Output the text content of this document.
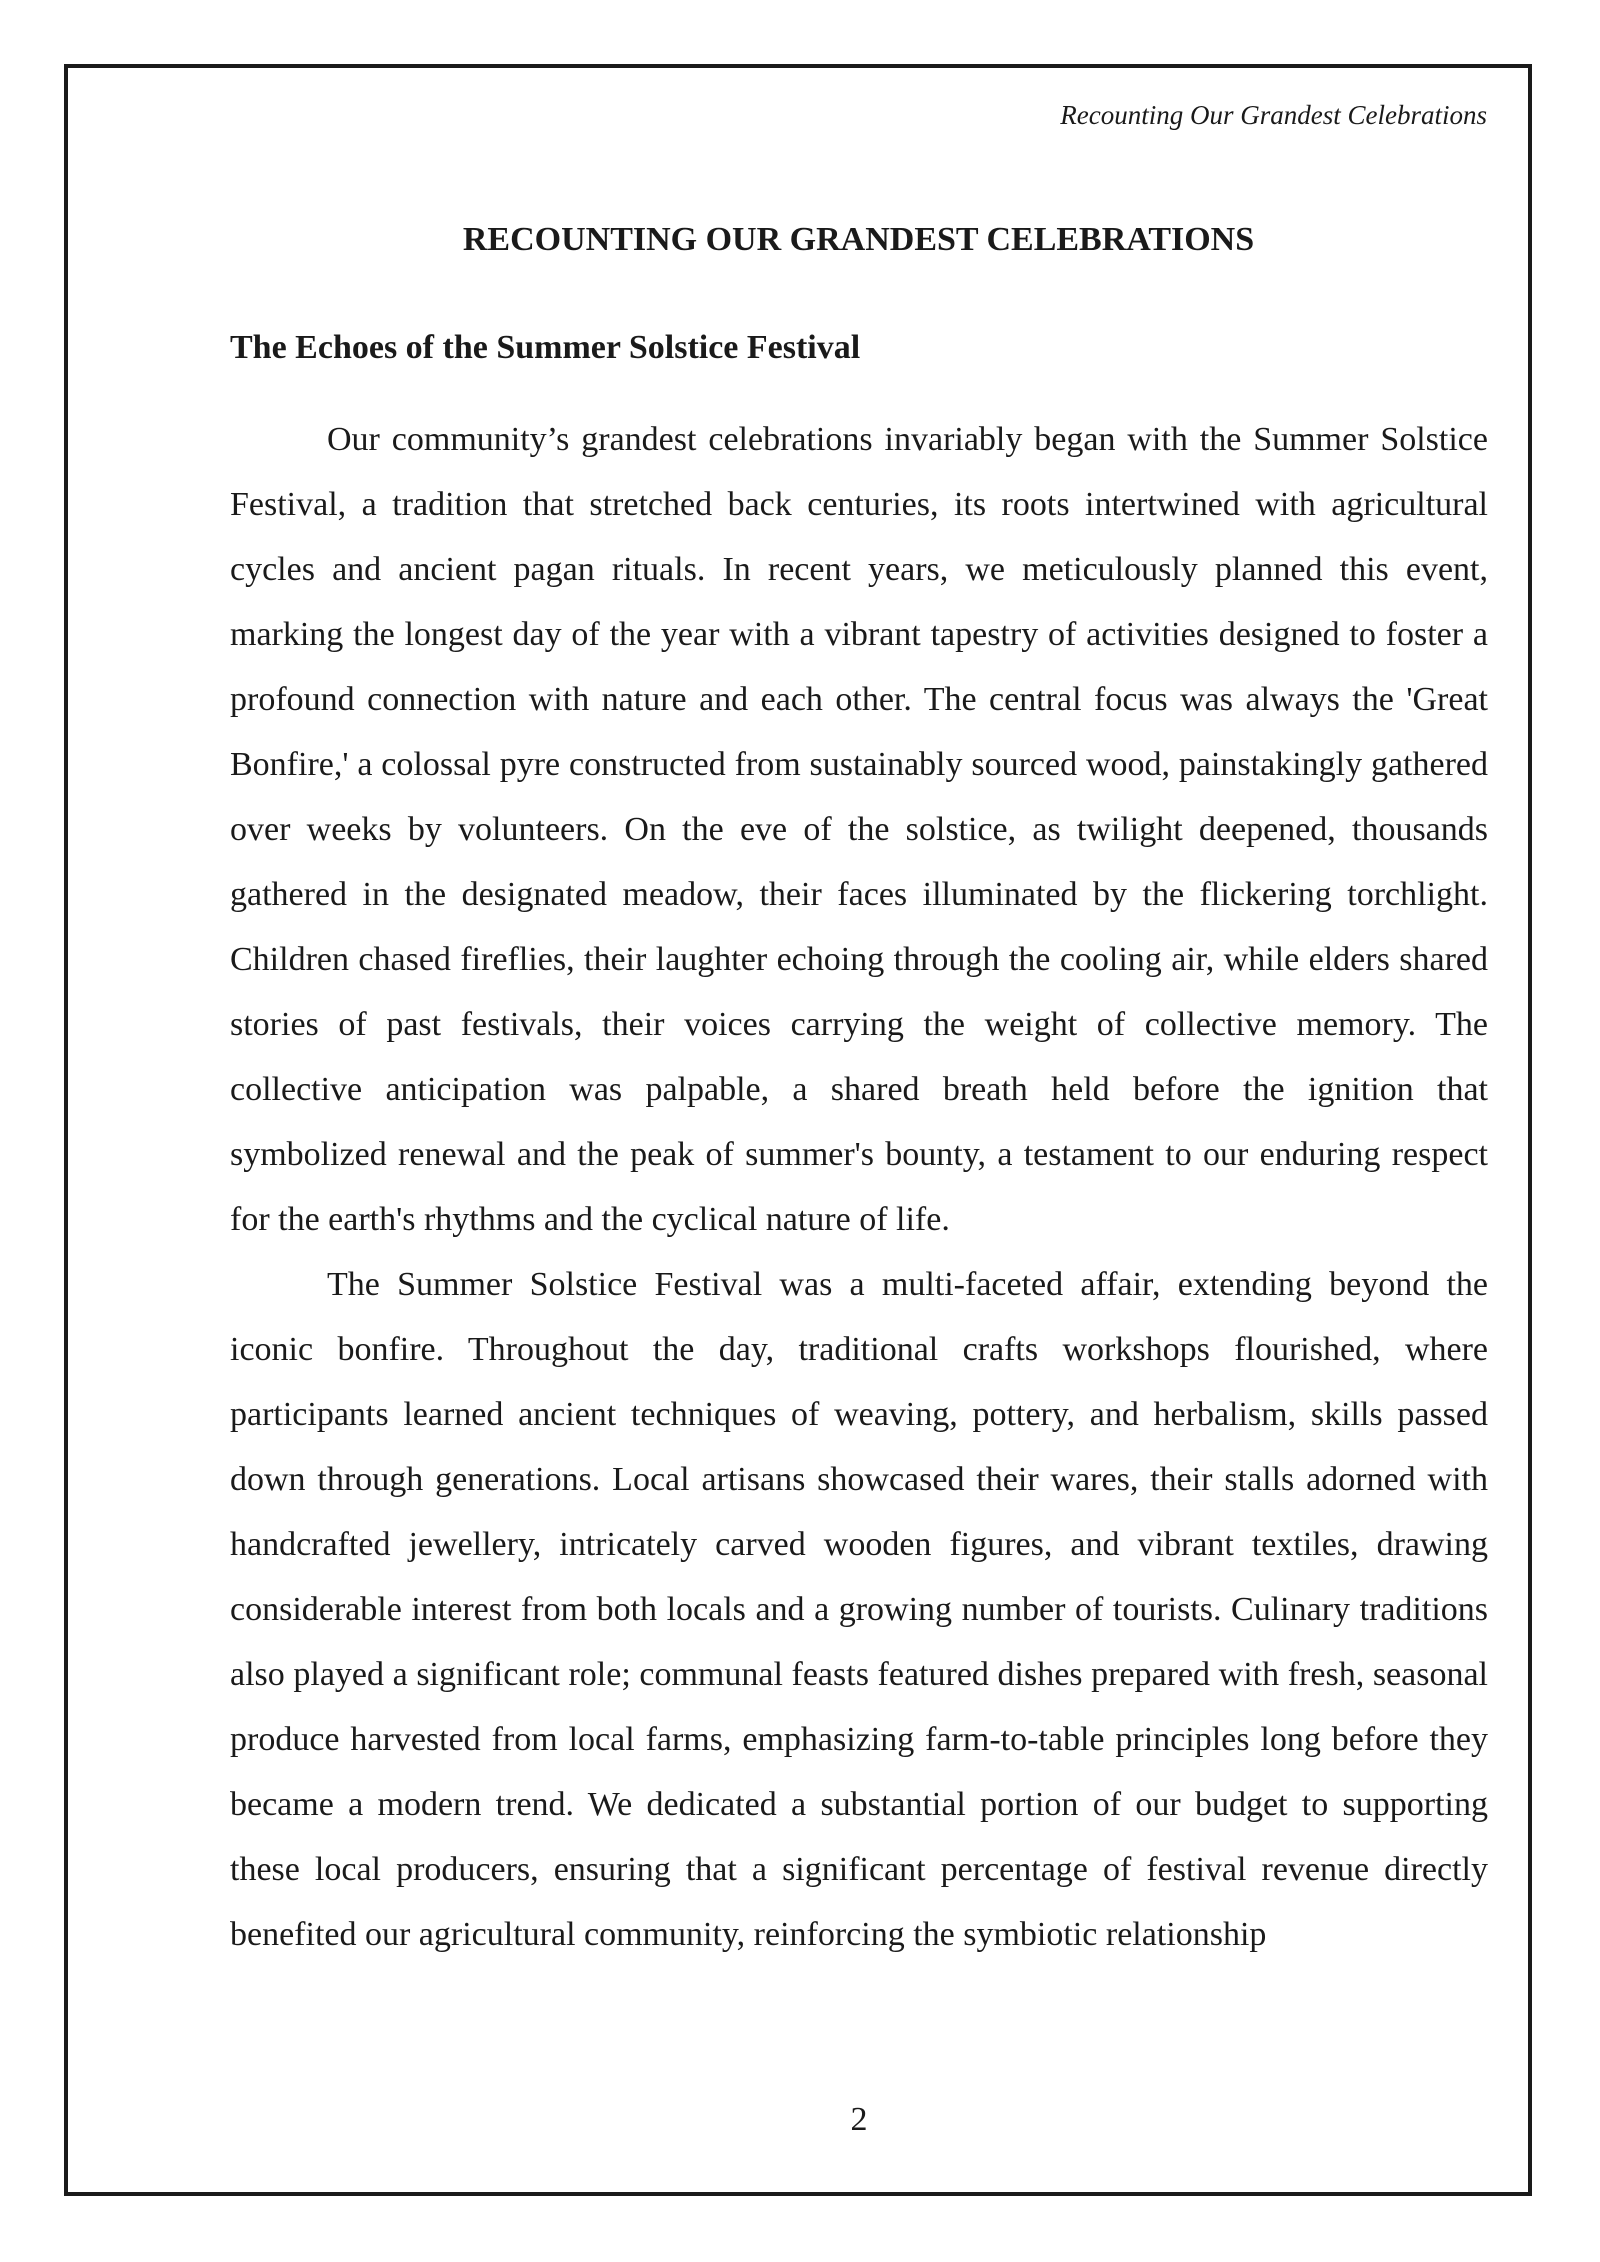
Recounting Our Grandest Celebrations
RECOUNTING OUR GRANDEST CELEBRATIONS
The Echoes of the Summer Solstice Festival

Our community’s grandest celebrations invariably began with the Summer Solstice Festival, a tradition that stretched back centuries, its roots intertwined with agricultural cycles and ancient pagan rituals. In recent years, we meticulously planned this event, marking the longest day of the year with a vibrant tapestry of activities designed to foster a profound connection with nature and each other. The central focus was always the 'Great Bonfire,' a colossal pyre constructed from sustainably sourced wood, painstakingly gathered over weeks by volunteers. On the eve of the solstice, as twilight deepened, thousands gathered in the designated meadow, their faces illuminated by the flickering torchlight. Children chased fireflies, their laughter echoing through the cooling air, while elders shared stories of past festivals, their voices carrying the weight of collective memory. The collective anticipation was palpable, a shared breath held before the ignition that symbolized renewal and the peak of summer's bounty, a testament to our enduring respect for the earth's rhythms and the cyclical nature of life.

The Summer Solstice Festival was a multi-faceted affair, extending beyond the iconic bonfire. Throughout the day, traditional crafts workshops flourished, where participants learned ancient techniques of weaving, pottery, and herbalism, skills passed down through generations. Local artisans showcased their wares, their stalls adorned with handcrafted jewellery, intricately carved wooden figures, and vibrant textiles, drawing considerable interest from both locals and a growing number of tourists. Culinary traditions also played a significant role; communal feasts featured dishes prepared with fresh, seasonal produce harvested from local farms, emphasizing farm-to-table principles long before they became a modern trend. We dedicated a substantial portion of our budget to supporting these local producers, ensuring that a significant percentage of festival revenue directly benefited our agricultural community, reinforcing the symbiotic relationship

2
